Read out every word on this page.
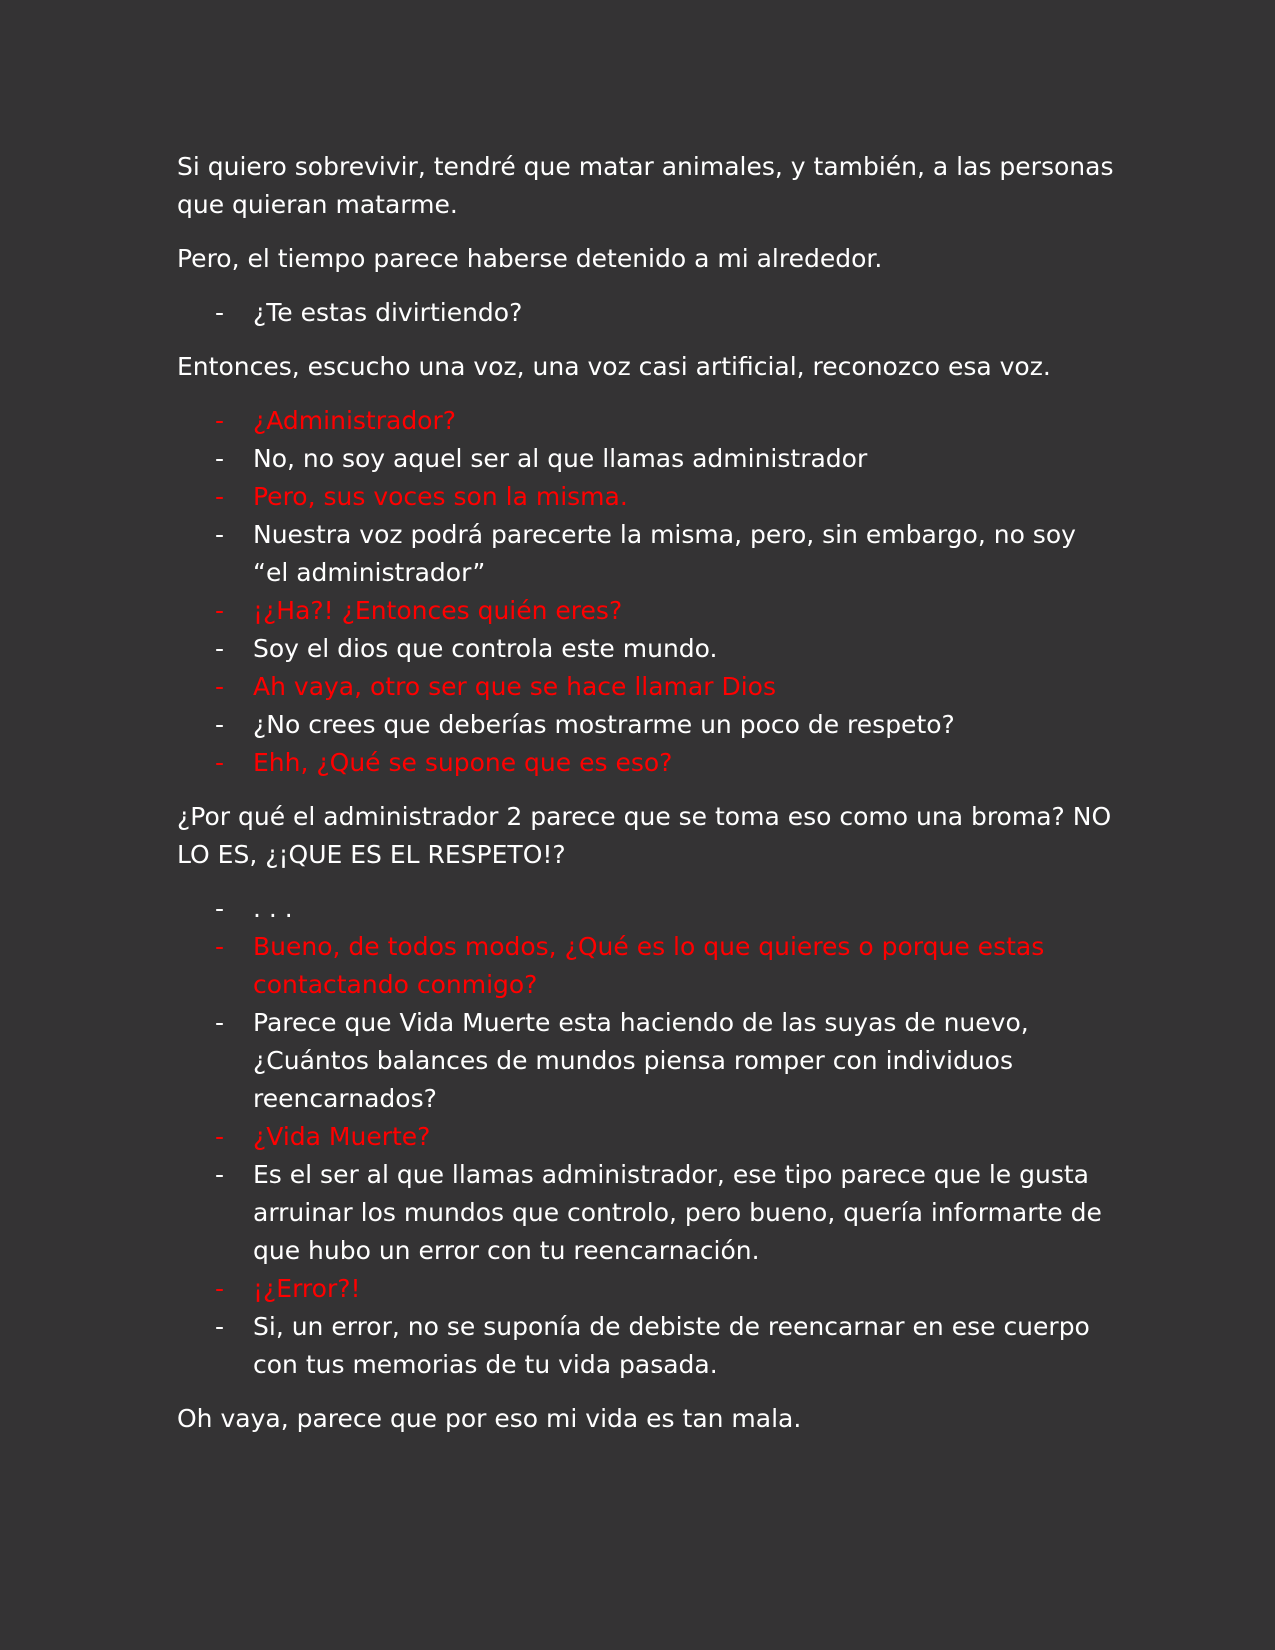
Si quiero sobrevivir, tendré que matar animales, y también, a las personas que quieran matarme.

Pero, el tiempo parece haberse detenido a mi alrededor.

- ¿Te estas divirtiendo?

Entonces, escucho una voz, una voz casi artificial, reconozco esa voz.

- ¿Administrador?
- No, no soy aquel ser al que llamas administrador
- Pero, sus voces son la misma.
- Nuestra voz podrá parecerte la misma, pero, sin embargo, no soy “el administrador”
- ¡¿Ha?! ¿Entonces quién eres?
- Soy el dios que controla este mundo.
- Ah vaya, otro ser que se hace llamar Dios
- ¿No crees que deberías mostrarme un poco de respeto?
- Ehh, ¿Qué se supone que es eso?

¿Por qué el administrador 2 parece que se toma eso como una broma? NO LO ES, ¿¡QUE ES EL RESPETO!?

- . . .
- Bueno, de todos modos, ¿Qué es lo que quieres o porque estas contactando conmigo?
- Parece que Vida Muerte esta haciendo de las suyas de nuevo, ¿Cuántos balances de mundos piensa romper con individuos reencarnados?
- ¿Vida Muerte?
- Es el ser al que llamas administrador, ese tipo parece que le gusta arruinar los mundos que controlo, pero bueno, quería informarte de que hubo un error con tu reencarnación.
- ¡¿Error?!
- Si, un error, no se suponía de debiste de reencarnar en ese cuerpo con tus memorias de tu vida pasada.

Oh vaya, parece que por eso mi vida es tan mala.
